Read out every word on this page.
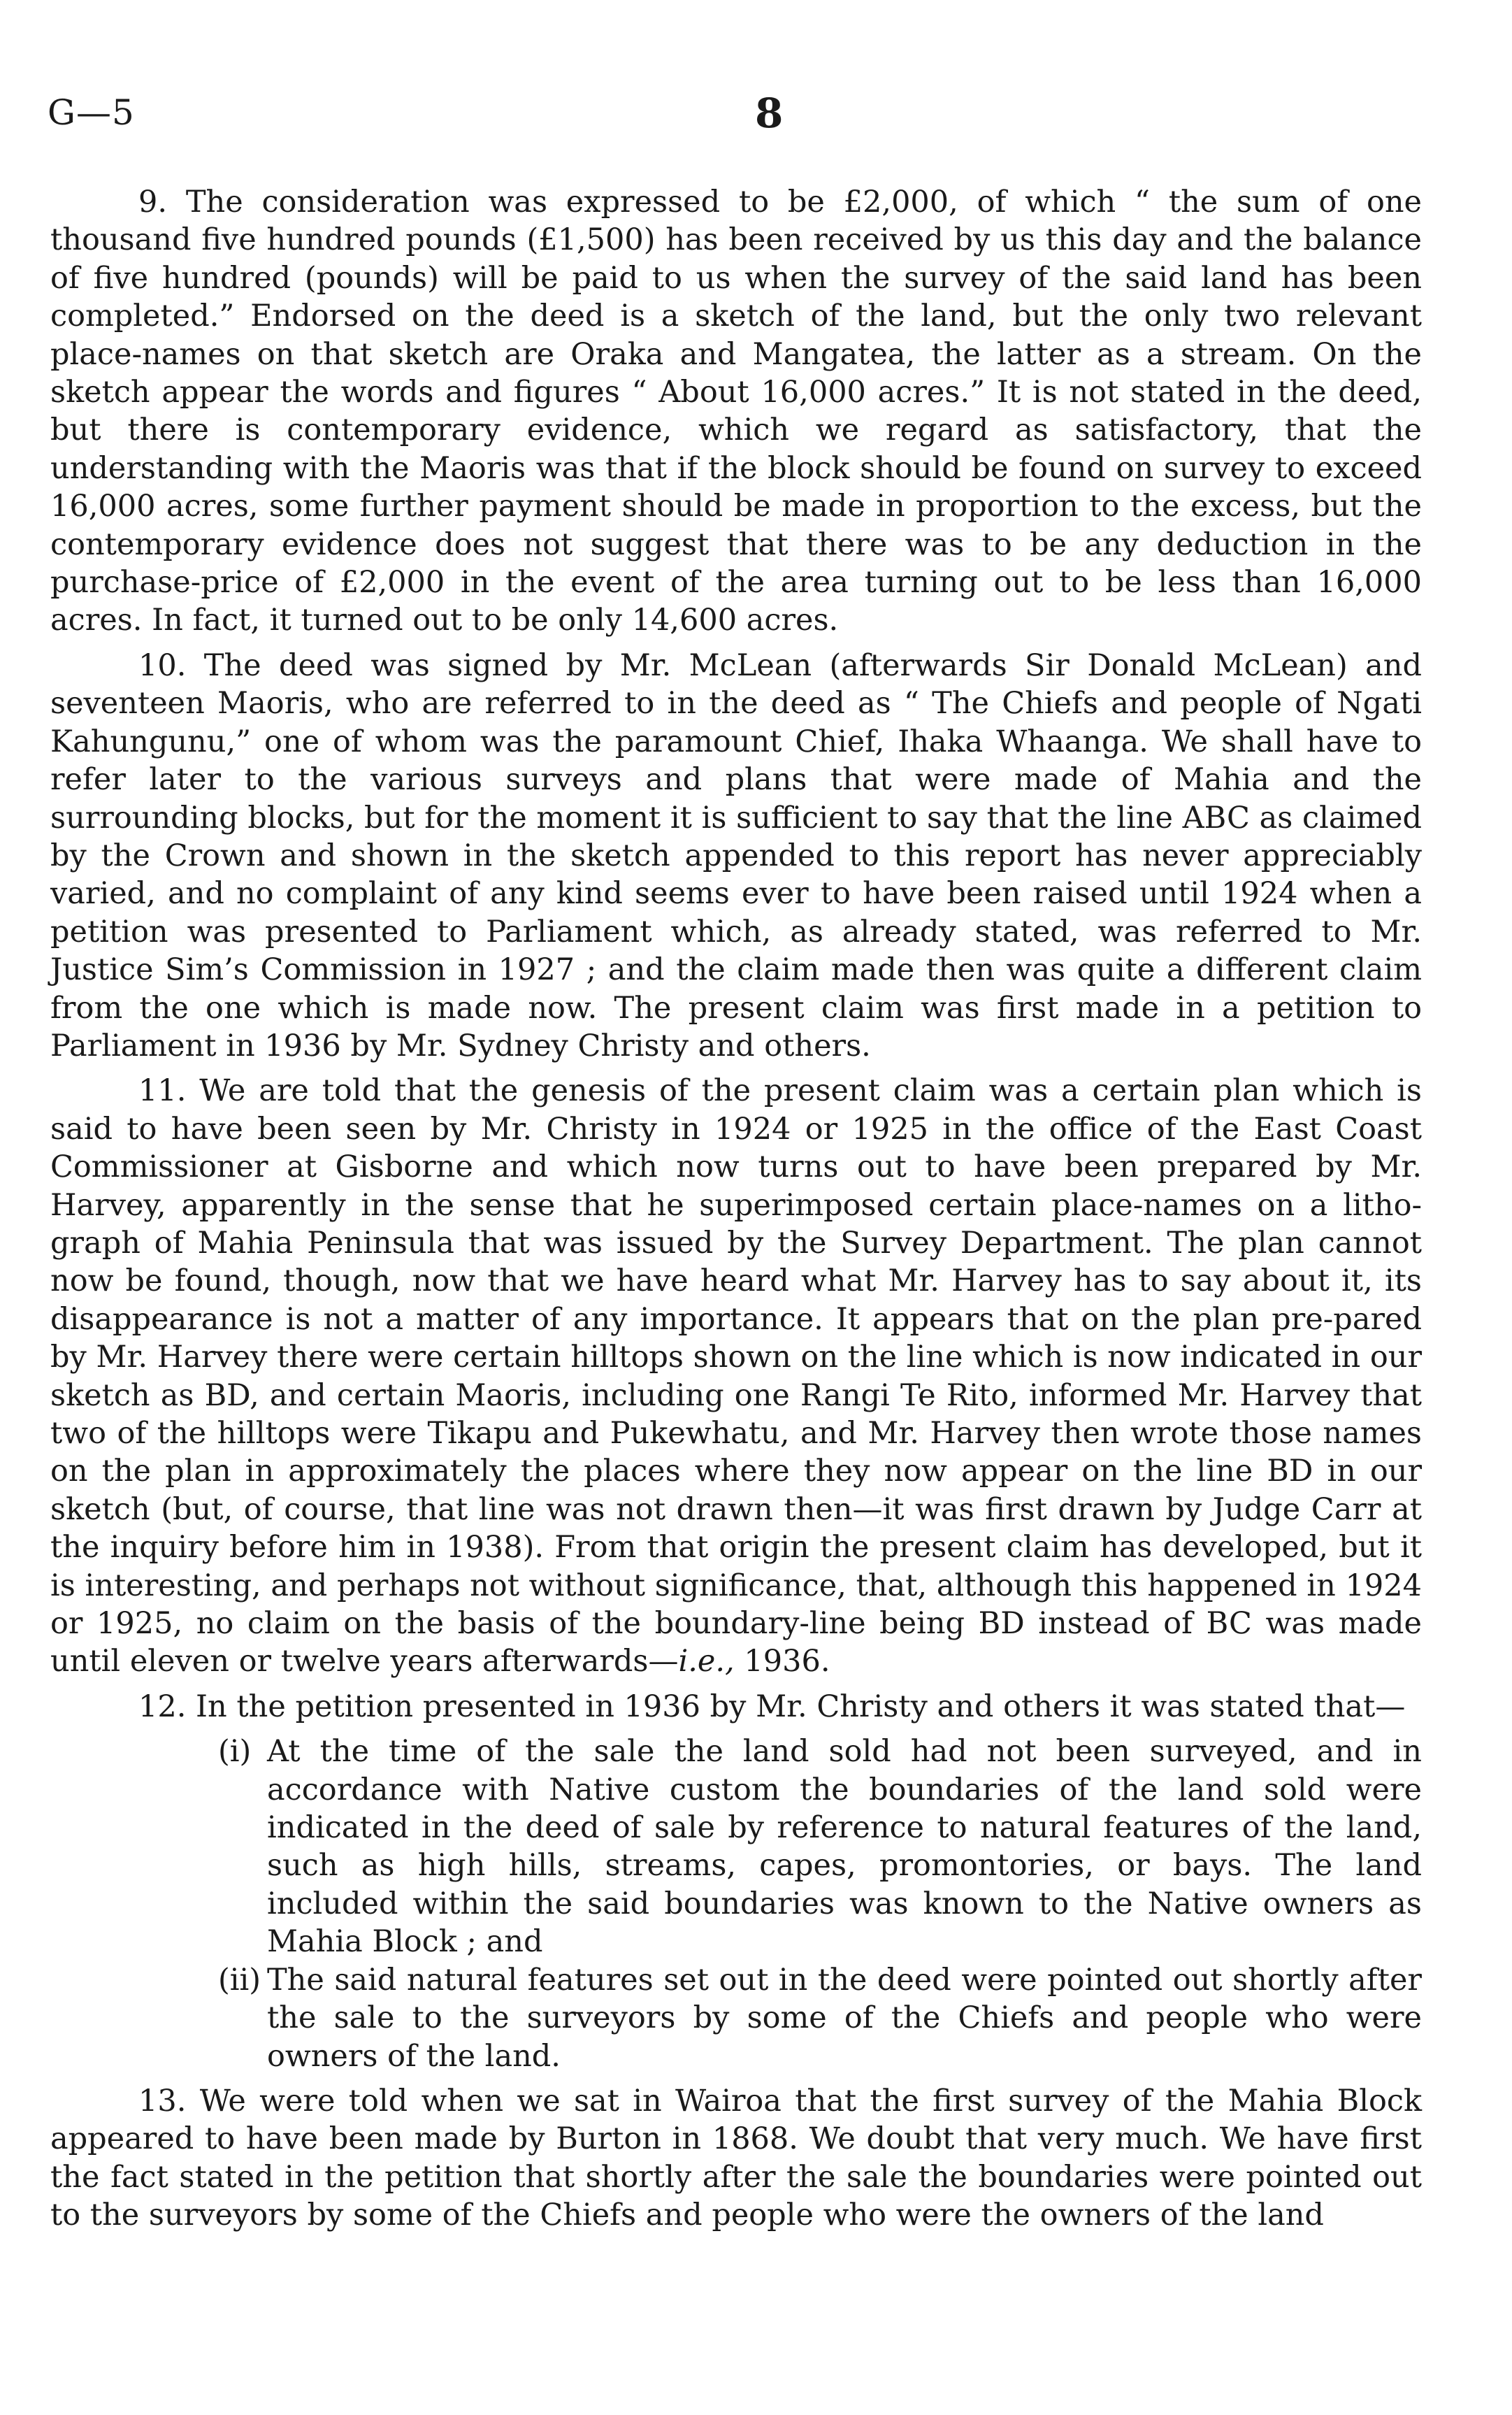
G—5	8

9. The consideration was expressed to be £2,000, of which “ the sum of one thousand five hundred pounds (£1,500) has been received by us this day and the balance of five hundred (pounds) will be paid to us when the survey of the said land has been completed.” Endorsed on the deed is a sketch of the land, but the only two relevant place-names on that sketch are Oraka and Mangatea, the latter as a stream. On the sketch appear the words and figures “ About 16,000 acres.” It is not stated in the deed, but there is contemporary evidence, which we regard as satisfactory, that the understanding with the Maoris was that if the block should be found on survey to exceed 16,000 acres, some further payment should be made in proportion to the excess, but the contemporary evidence does not suggest that there was to be any deduction in the purchase-price of £2,000 in the event of the area turning out to be less than 16,000 acres. In fact, it turned out to be only 14,600 acres.

10. The deed was signed by Mr. McLean (afterwards Sir Donald McLean) and seventeen Maoris, who are referred to in the deed as “ The Chiefs and people of Ngati Kahungunu,” one of whom was the paramount Chief, Ihaka Whaanga. We shall have to refer later to the various surveys and plans that were made of Mahia and the surrounding blocks, but for the moment it is sufficient to say that the line ABC as claimed by the Crown and shown in the sketch appended to this report has never appreciably varied, and no complaint of any kind seems ever to have been raised until 1924 when a petition was presented to Parliament which, as already stated, was referred to Mr. Justice Sim’s Commission in 1927 ; and the claim made then was quite a different claim from the one which is made now. The present claim was first made in a petition to Parliament in 1936 by Mr. Sydney Christy and others.

11. We are told that the genesis of the present claim was a certain plan which is said to have been seen by Mr. Christy in 1924 or 1925 in the office of the East Coast Commissioner at Gisborne and which now turns out to have been prepared by Mr. Harvey, apparently in the sense that he superimposed certain place-names on a litho-graph of Mahia Peninsula that was issued by the Survey Department. The plan cannot now be found, though, now that we have heard what Mr. Harvey has to say about it, its disappearance is not a matter of any importance. It appears that on the plan pre-pared by Mr. Harvey there were certain hilltops shown on the line which is now indicated in our sketch as BD, and certain Maoris, including one Rangi Te Rito, informed Mr. Harvey that two of the hilltops were Tikapu and Pukewhatu, and Mr. Harvey then wrote those names on the plan in approximately the places where they now appear on the line BD in our sketch (but, of course, that line was not drawn then—it was first drawn by Judge Carr at the inquiry before him in 1938). From that origin the present claim has developed, but it is interesting, and perhaps not without significance, that, although this happened in 1924 or 1925, no claim on the basis of the boundary-line being BD instead of BC was made until eleven or twelve years afterwards—i.e., 1936.

12. In the petition presented in 1936 by Mr. Christy and others it was stated that—

(i) At the time of the sale the land sold had not been surveyed, and in accordance with Native custom the boundaries of the land sold were indicated in the deed of sale by reference to natural features of the land, such as high hills, streams, capes, promontories, or bays. The land included within the said boundaries was known to the Native owners as Mahia Block ; and

(ii) The said natural features set out in the deed were pointed out shortly after the sale to the surveyors by some of the Chiefs and people who were owners of the land.

13. We were told when we sat in Wairoa that the first survey of the Mahia Block appeared to have been made by Burton in 1868. We doubt that very much. We have first the fact stated in the petition that shortly after the sale the boundaries were pointed out to the surveyors by some of the Chiefs and people who were the owners of the land
